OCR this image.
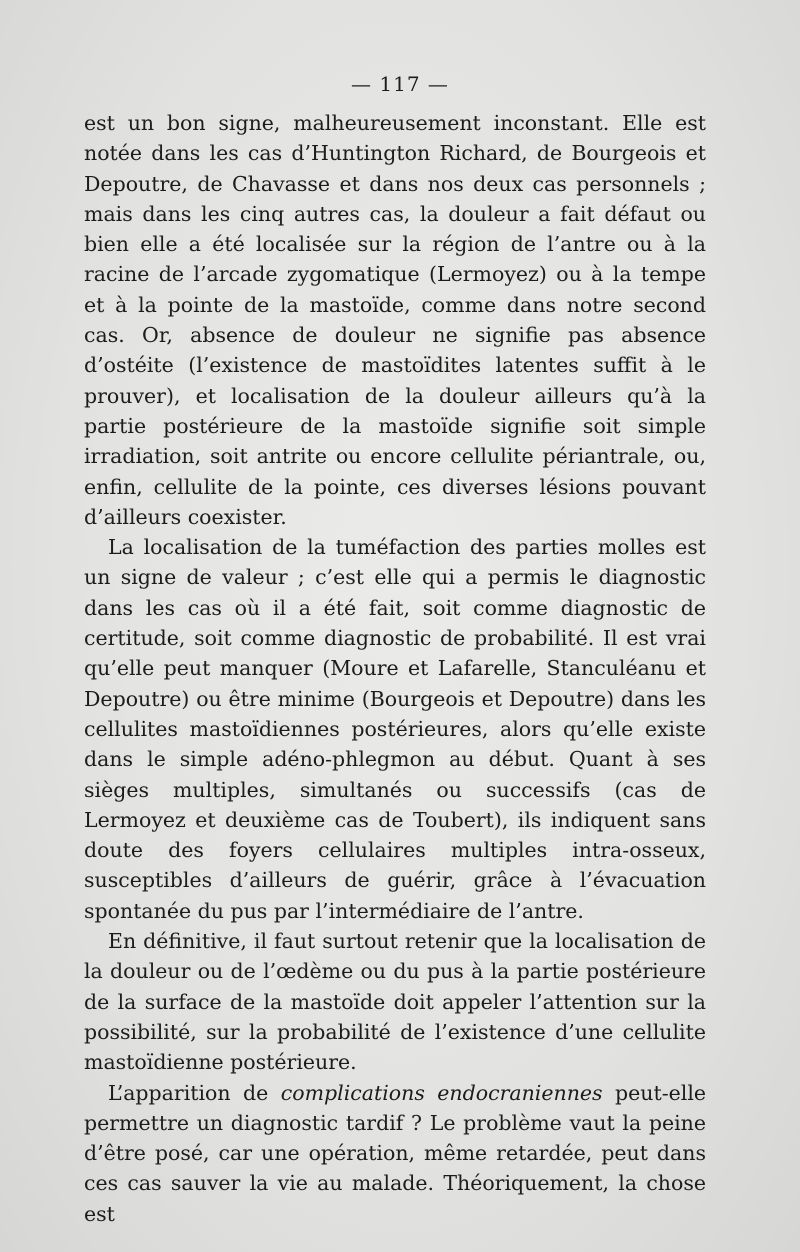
— 117 —

est un bon signe, malheureusement inconstant. Elle est notée dans les cas d’Huntington Richard, de Bourgeois et Depoutre, de Chavasse et dans nos deux cas personnels ; mais dans les cinq autres cas, la douleur a fait défaut ou bien elle a été localisée sur la région de l’antre ou à la racine de l’arcade zygomatique (Lermoyez) ou à la tempe et à la pointe de la mastoïde, comme dans notre second cas. Or, absence de douleur ne signifie pas absence d’ostéite (l’existence de mastoïdites latentes suffit à le prouver), et localisation de la douleur ailleurs qu’à la partie postérieure de la mastoïde signifie soit simple irradiation, soit antrite ou encore cellulite périantrale, ou, enfin, cellulite de la pointe, ces diverses lésions pouvant d’ailleurs coexister.

La localisation de la tuméfaction des parties molles est un signe de valeur ; c’est elle qui a permis le diagnostic dans les cas où il a été fait, soit comme diagnostic de certitude, soit comme diagnostic de probabilité. Il est vrai qu’elle peut manquer (Moure et Lafarelle, Stanculéanu et Depoutre) ou être minime (Bourgeois et Depoutre) dans les cellulites mastoïdiennes postérieures, alors qu’elle existe dans le simple adéno-phlegmon au début. Quant à ses sièges multiples, simultanés ou successifs (cas de Lermoyez et deuxième cas de Toubert), ils indiquent sans doute des foyers cellulaires multiples intra-osseux, susceptibles d’ailleurs de guérir, grâce à l’évacuation spontanée du pus par l’intermédiaire de l’antre.

En définitive, il faut surtout retenir que la localisation de la douleur ou de l’œdème ou du pus à la partie postérieure de la surface de la mastoïde doit appeler l’attention sur la possibilité, sur la probabilité de l’existence d’une cellulite mastoïdienne postérieure.

L’apparition de complications endocraniennes peut-elle permettre un diagnostic tardif ? Le problème vaut la peine d’être posé, car une opération, même retardée, peut dans ces cas sauver la vie au malade. Théoriquement, la chose est
